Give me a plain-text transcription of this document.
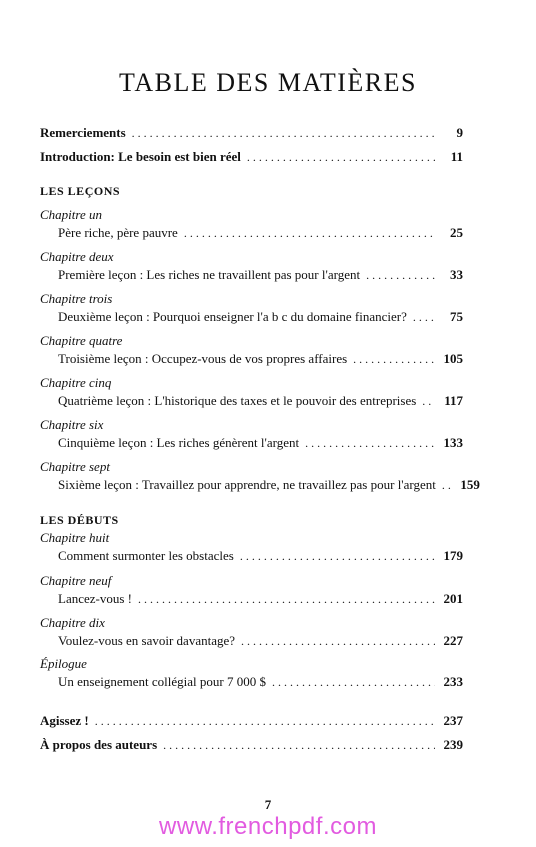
TABLE DES MATIÈRES
Remerciements . . .	9
Introduction: Le besoin est bien réel . . .	11
LES LEÇONS
Chapitre un
Père riche, père pauvre . . .	25
Chapitre deux
Première leçon : Les riches ne travaillent pas pour l'argent . . .	33
Chapitre trois
Deuxième leçon : Pourquoi enseigner l'a b c du domaine financier? . . .	75
Chapitre quatre
Troisième leçon : Occupez-vous de vos propres affaires . . .	105
Chapitre cinq
Quatrième leçon : L'historique des taxes et le pouvoir des entreprises . . . 117
Chapitre six
Cinquième leçon : Les riches génèrent l'argent . . .	133
Chapitre sept
Sixième leçon : Travaillez pour apprendre, ne travaillez pas pour l'argent . . . 159
LES DÉBUTS
Chapitre huit
Comment surmonter les obstacles . . .	179
Chapitre neuf
Lancez-vous ! . . .	201
Chapitre dix
Voulez-vous en savoir davantage? . . .	227
Épilogue
Un enseignement collégial pour 7 000 $ . . .	233
Agissez ! . . .	237
À propos des auteurs . . .	239
7
www.frenchpdf.com
